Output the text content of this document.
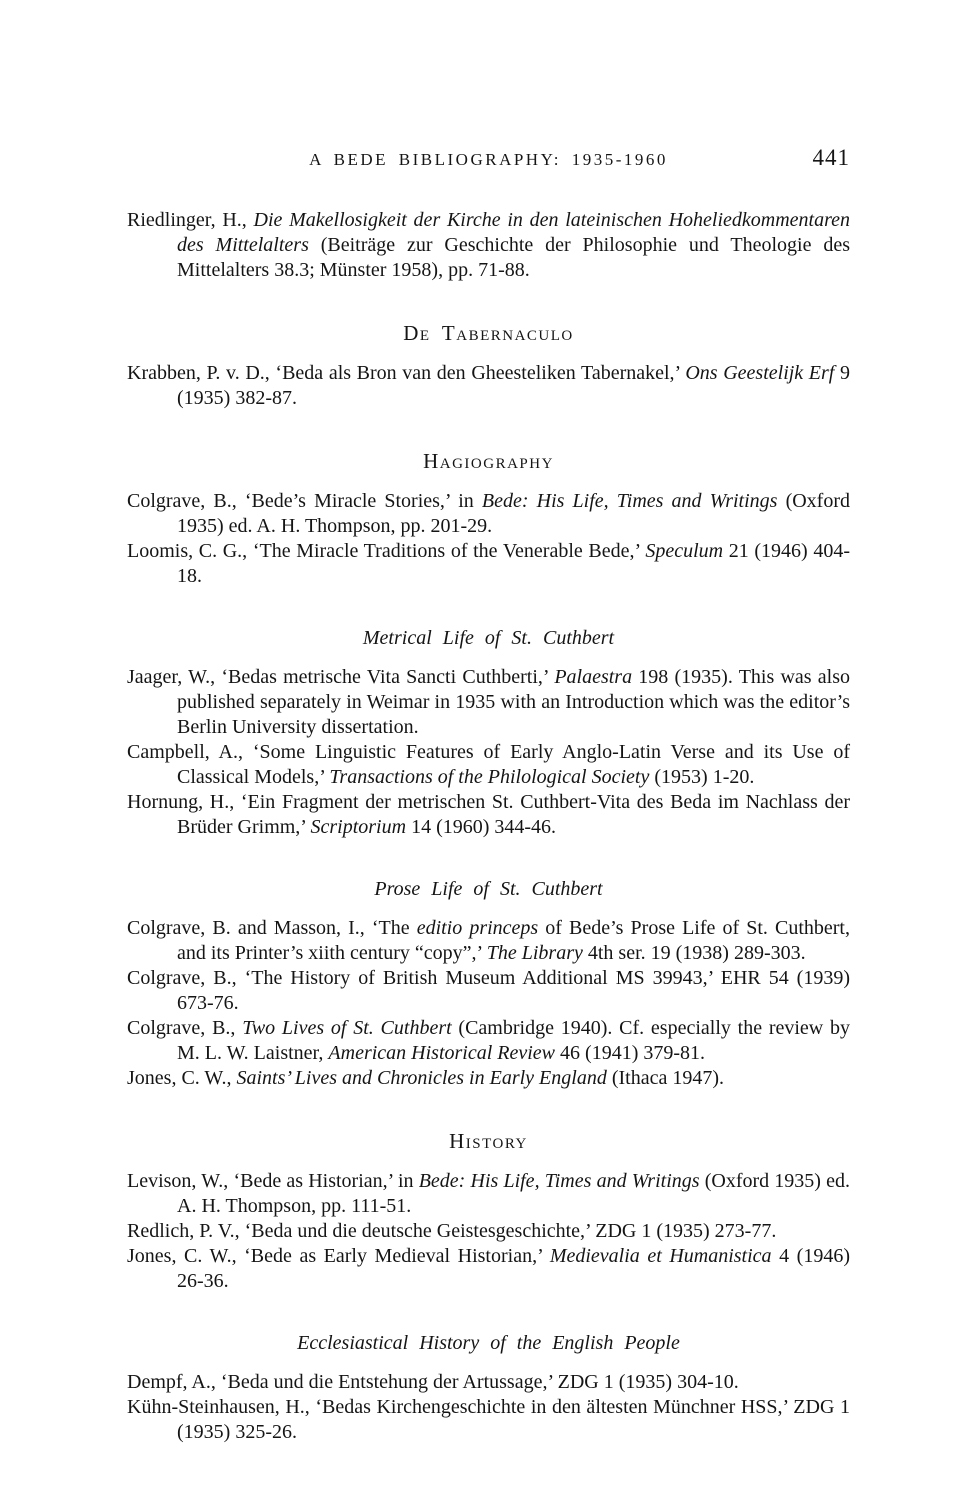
A BEDE BIBLIOGRAPHY: 1935-1960	441

Riedlinger, H., Die Makellosigkeit der Kirche in den lateinischen Hoheliedkommentaren des Mittelalters (Beiträge zur Geschichte der Philosophie und Theologie des Mittelalters 38.3; Münster 1958), pp. 71-88.

De Tabernaculo

Krabben, P. v. D., ‘Beda als Bron van den Gheesteliken Tabernakel,’ Ons Geestelijk Erf 9 (1935) 382-87.

Hagiography

Colgrave, B., ‘Bede’s Miracle Stories,’ in Bede: His Life, Times and Writings (Oxford 1935) ed. A. H. Thompson, pp. 201-29.

Loomis, C. G., ‘The Miracle Traditions of the Venerable Bede,’ Speculum 21 (1946) 404-18.

Metrical Life of St. Cuthbert

Jaager, W., ‘Bedas metrische Vita Sancti Cuthberti,’ Palaestra 198 (1935). This was also published separately in Weimar in 1935 with an Introduction which was the editor’s Berlin University dissertation.

Campbell, A., ‘Some Linguistic Features of Early Anglo-Latin Verse and its Use of Classical Models,’ Transactions of the Philological Society (1953) 1-20.

Hornung, H., ‘Ein Fragment der metrischen St. Cuthbert-Vita des Beda im Nachlass der Brüder Grimm,’ Scriptorium 14 (1960) 344-46.

Prose Life of St. Cuthbert

Colgrave, B. and Masson, I., ‘The editio princeps of Bede’s Prose Life of St. Cuthbert, and its Printer’s xiith century “copy”,’ The Library 4th ser. 19 (1938) 289-303.

Colgrave, B., ‘The History of British Museum Additional MS 39943,’ EHR 54 (1939) 673-76.

Colgrave, B., Two Lives of St. Cuthbert (Cambridge 1940). Cf. especially the review by M. L. W. Laistner, American Historical Review 46 (1941) 379-81.

Jones, C. W., Saints’ Lives and Chronicles in Early England (Ithaca 1947).

History

Levison, W., ‘Bede as Historian,’ in Bede: His Life, Times and Writings (Oxford 1935) ed. A. H. Thompson, pp. 111-51.

Redlich, P. V., ‘Beda und die deutsche Geistesgeschichte,’ ZDG 1 (1935) 273-77.

Jones, C. W., ‘Bede as Early Medieval Historian,’ Medievalia et Humanistica 4 (1946) 26-36.

Ecclesiastical History of the English People

Dempf, A., ‘Beda und die Entstehung der Artussage,’ ZDG 1 (1935) 304-10.

Kühn-Steinhausen, H., ‘Bedas Kirchengeschichte in den ältesten Münchner HSS,’ ZDG 1 (1935) 325-26.
